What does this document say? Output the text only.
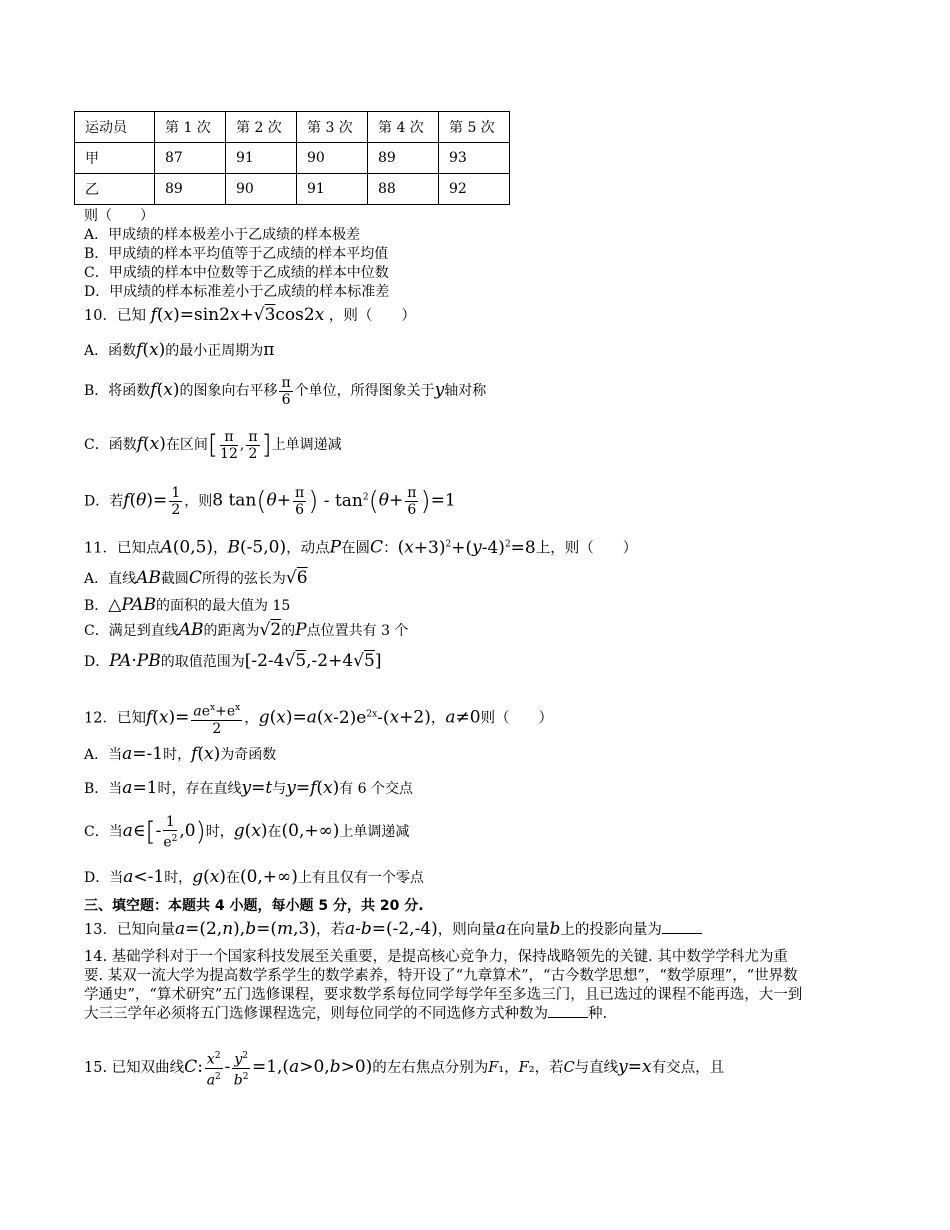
运动员	第 1 次	第 2 次	第 3 次	第 4 次	第 5 次
甲	87	91	90	89	93
乙	89	90	91	88	92
则（　　）
A．甲成绩的样本极差小于乙成绩的样本极差
B．甲成绩的样本平均值等于乙成绩的样本平均值
C．甲成绩的样本中位数等于乙成绩的样本中位数
D．甲成绩的样本标准差小于乙成绩的样本标准差
10．已知 f(x)=sin2x+√3cos2x ，则（　　）
A．函数f(x)的最小正周期为π
B．将函数f(x)的图象向右平移 $\frac{\pi}{6}$ 个单位，所得图象关于y轴对称
C．函数f(x)在区间[ $\frac{\pi}{12}$ , $\frac{\pi}{2}$ ]上单调递减
D．若$f(\theta)= \frac{1}{2}$ ，则8 $\tan(\theta+ \frac{\pi}{6}$ ) - $\tan^2(\theta+ \frac{\pi}{6} )=1$
11．已知点A(0,5)，B(-5,0)，动点P在圆C：$(x+3)^2+(y-4)^2=8$上，则（　　）
A．直线AB截圆C所得的弦长为√6
B．△PAB的面积的最大值为 15
C．满足到直线AB的距离为√2的P点位置共有 3 个
D．PA·PB的取值范围为[-2-4√5,-2+4√5]
12．已知$f(x)= \frac{ae^x+e^x}{2}$ ，$g(x)=a(x-2)e^{2x}-(x+2)$，a≠0则（　　）
A．当a=-1时，f(x)为奇函数
B．当a=1时，存在直线y=t与y=f(x)有 6 个交点
C．当a∈[- $\frac{1}{e^2} ,0$)时，g(x)在(0,+∞)上单调递减
D．当a<-1时，g(x)在(0,+∞)上有且仅有一个零点
三、填空题：本题共 4 小题，每小题 5 分，共 20 分.
13．已知向量a=(2,n),b=(m,3)，若a-b=(-2,-4)，则向量a在向量b上的投影向量为
14. 基础学科对于一个国家科技发展至关重要，是提高核心竞争力，保持战略领先的关键. 其中数学学科尤为重要. 某双一流大学为提高数学系学生的数学素养，特开设了“九章算术”，“古今数学思想”，“数学原理”，“世界数学通史”，“算术研究”五门选修课程，要求数学系每位同学每学年至多选三门，且已选过的课程不能再选，大一到大三三学年必须将五门选修课程选完，则每位同学的不同选修方式种数为	种.
15. 已知双曲线C: $\frac{x^2}{a^2} - \frac{y^2}{b^2} =1,(a>0,b>0)$的左右焦点分别为F₁，F₂，若C与直线y=x有交点，且
